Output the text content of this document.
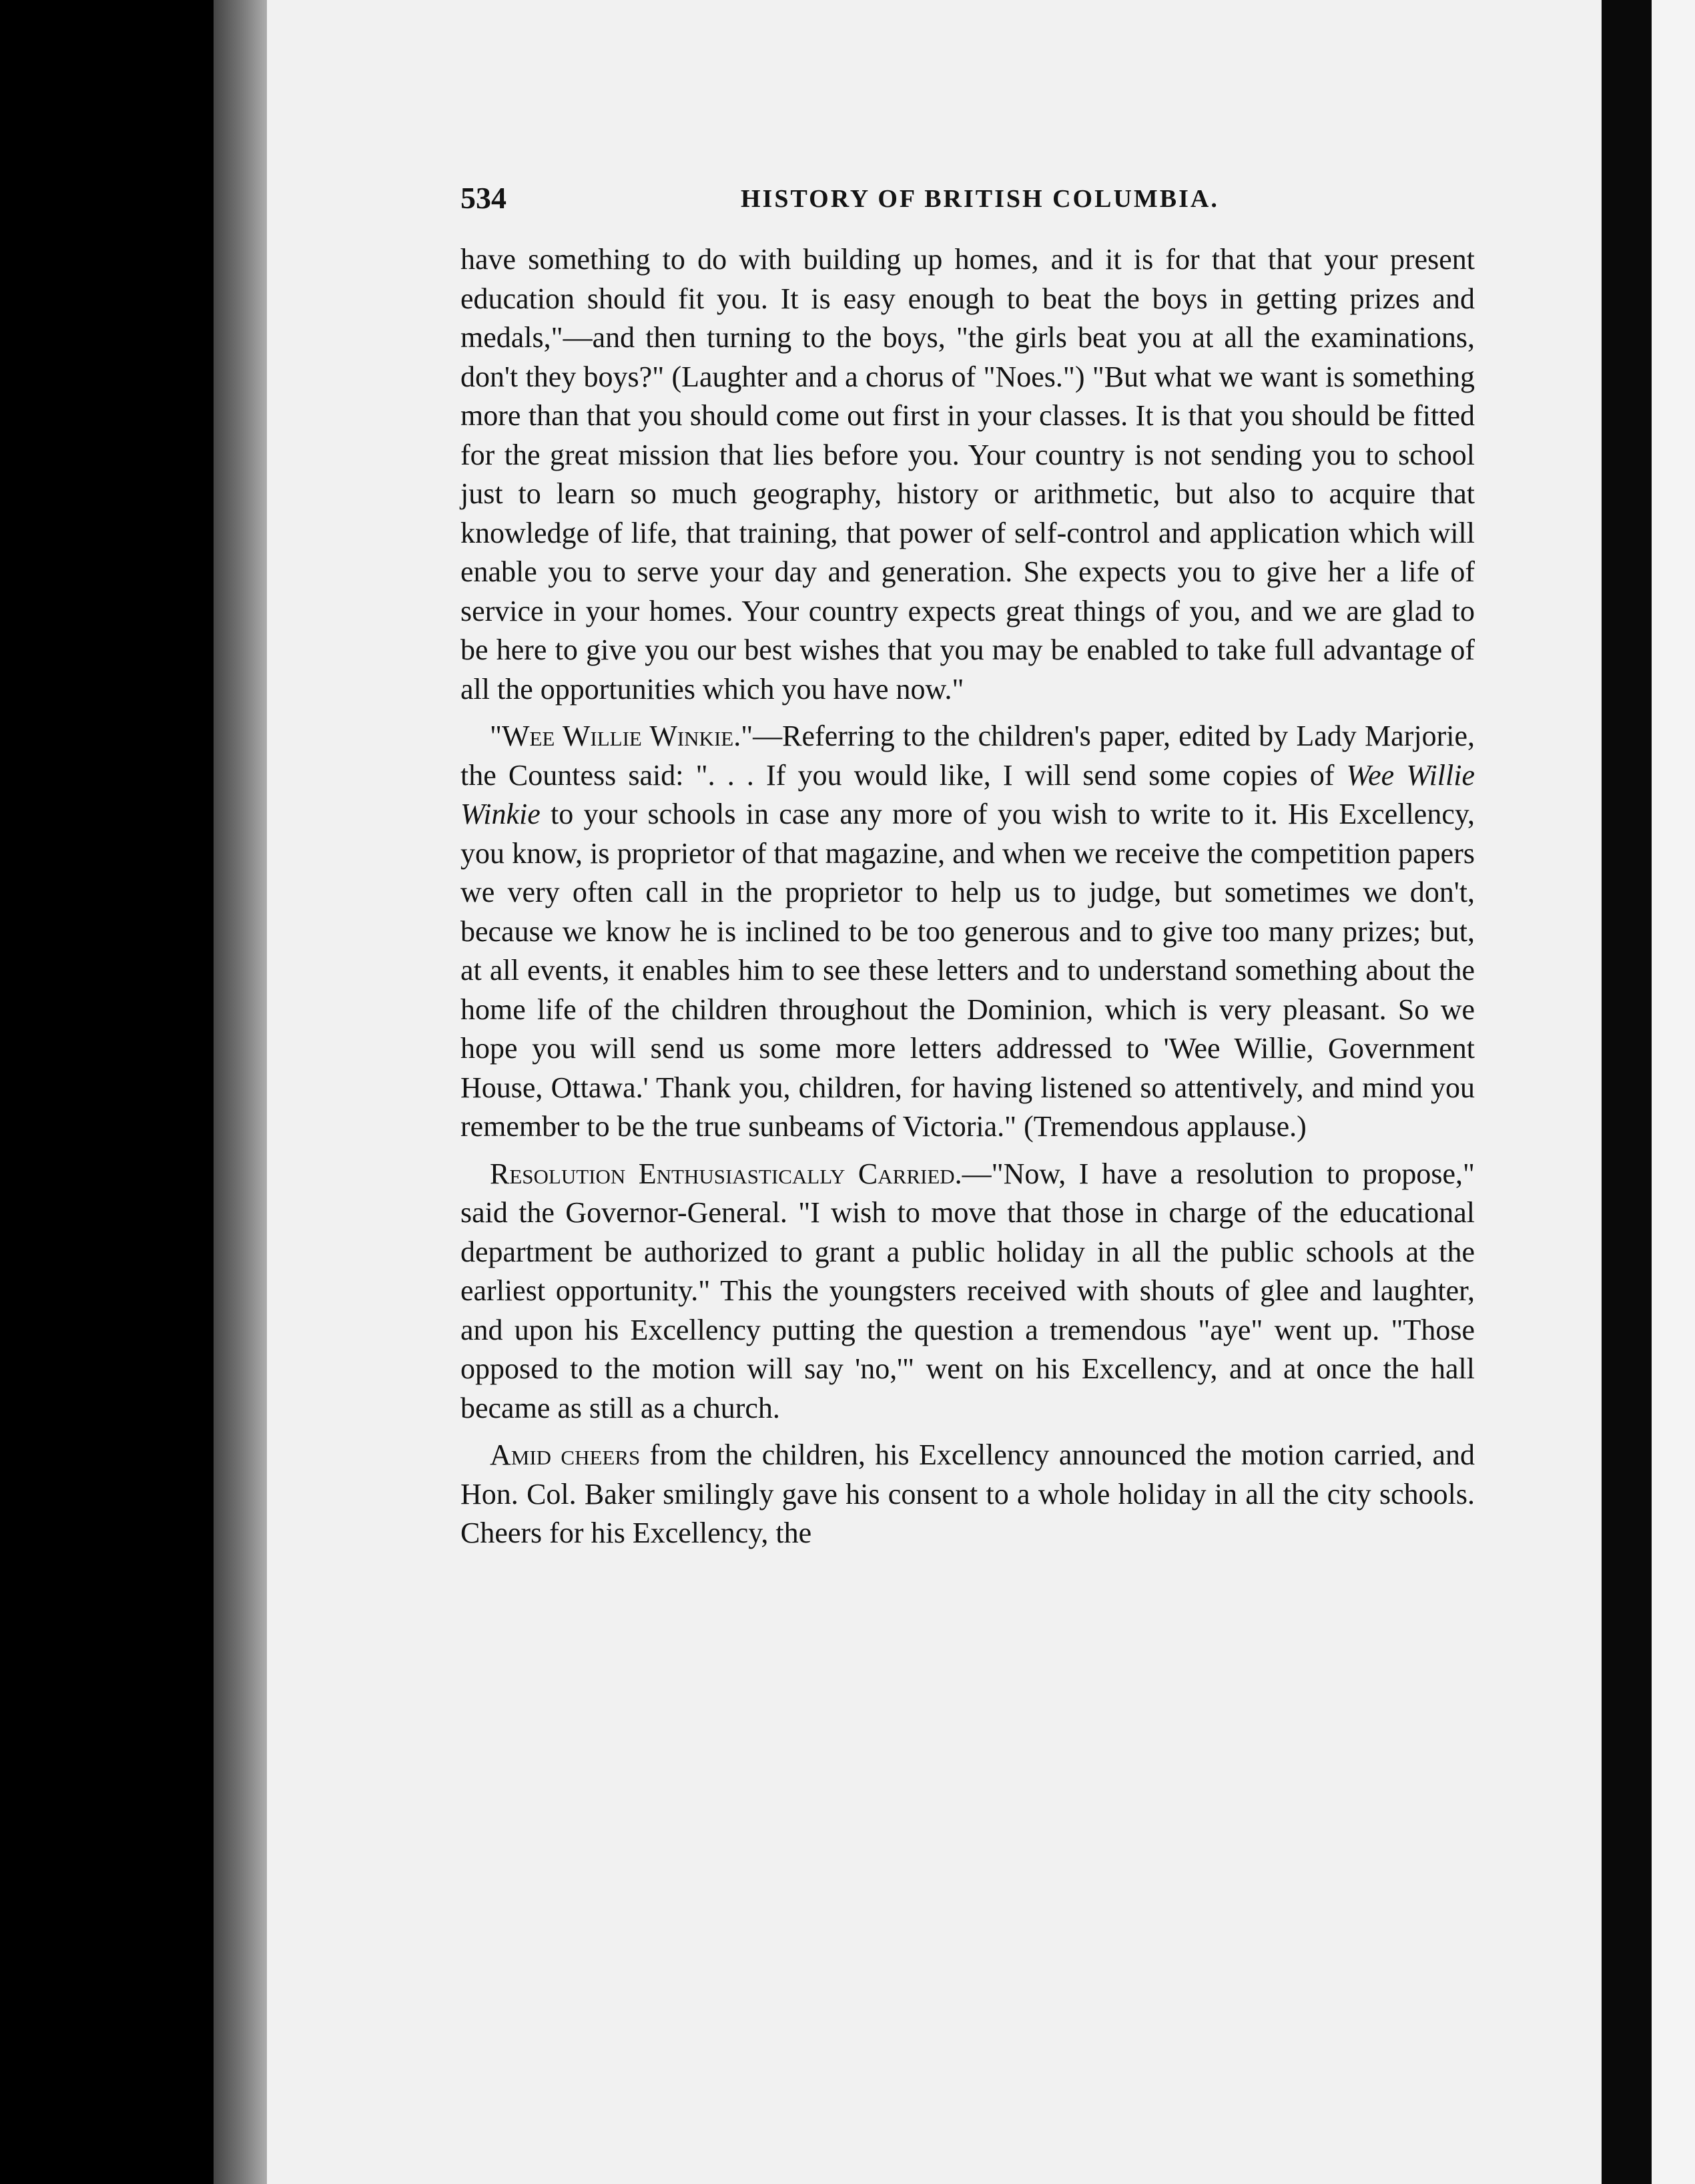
534	HISTORY OF BRITISH COLUMBIA.

have something to do with building up homes, and it is for that that your present education should fit you. It is easy enough to beat the boys in getting prizes and medals,"—and then turning to the boys, "the girls beat you at all the examinations, don't they boys?" (Laughter and a chorus of "Noes.") "But what we want is something more than that you should come out first in your classes. It is that you should be fitted for the great mission that lies before you. Your country is not sending you to school just to learn so much geography, history or arithmetic, but also to acquire that knowledge of life, that training, that power of self-control and application which will enable you to serve your day and generation. She expects you to give her a life of service in your homes. Your country expects great things of you, and we are glad to be here to give you our best wishes that you may be enabled to take full advantage of all the opportunities which you have now."

"Wee Willie Winkie."—Referring to the children's paper, edited by Lady Marjorie, the Countess said: ". . . If you would like, I will send some copies of Wee Willie Winkie to your schools in case any more of you wish to write to it. His Excellency, you know, is proprietor of that magazine, and when we receive the competition papers we very often call in the proprietor to help us to judge, but sometimes we don't, because we know he is inclined to be too generous and to give too many prizes; but, at all events, it enables him to see these letters and to understand something about the home life of the children throughout the Dominion, which is very pleasant. So we hope you will send us some more letters addressed to 'Wee Willie, Government House, Ottawa.' Thank you, children, for having listened so attentively, and mind you remember to be the true sunbeams of Victoria." (Tremendous applause.)

Resolution Enthusiastically Carried.—"Now, I have a resolution to propose," said the Governor-General. "I wish to move that those in charge of the educational department be authorized to grant a public holiday in all the public schools at the earliest opportunity." This the youngsters received with shouts of glee and laughter, and upon his Excellency putting the question a tremendous "aye" went up. "Those opposed to the motion will say 'no,'" went on his Excellency, and at once the hall became as still as a church.

Amid cheers from the children, his Excellency announced the motion carried, and Hon. Col. Baker smilingly gave his consent to a whole holiday in all the city schools. Cheers for his Excellency, the
